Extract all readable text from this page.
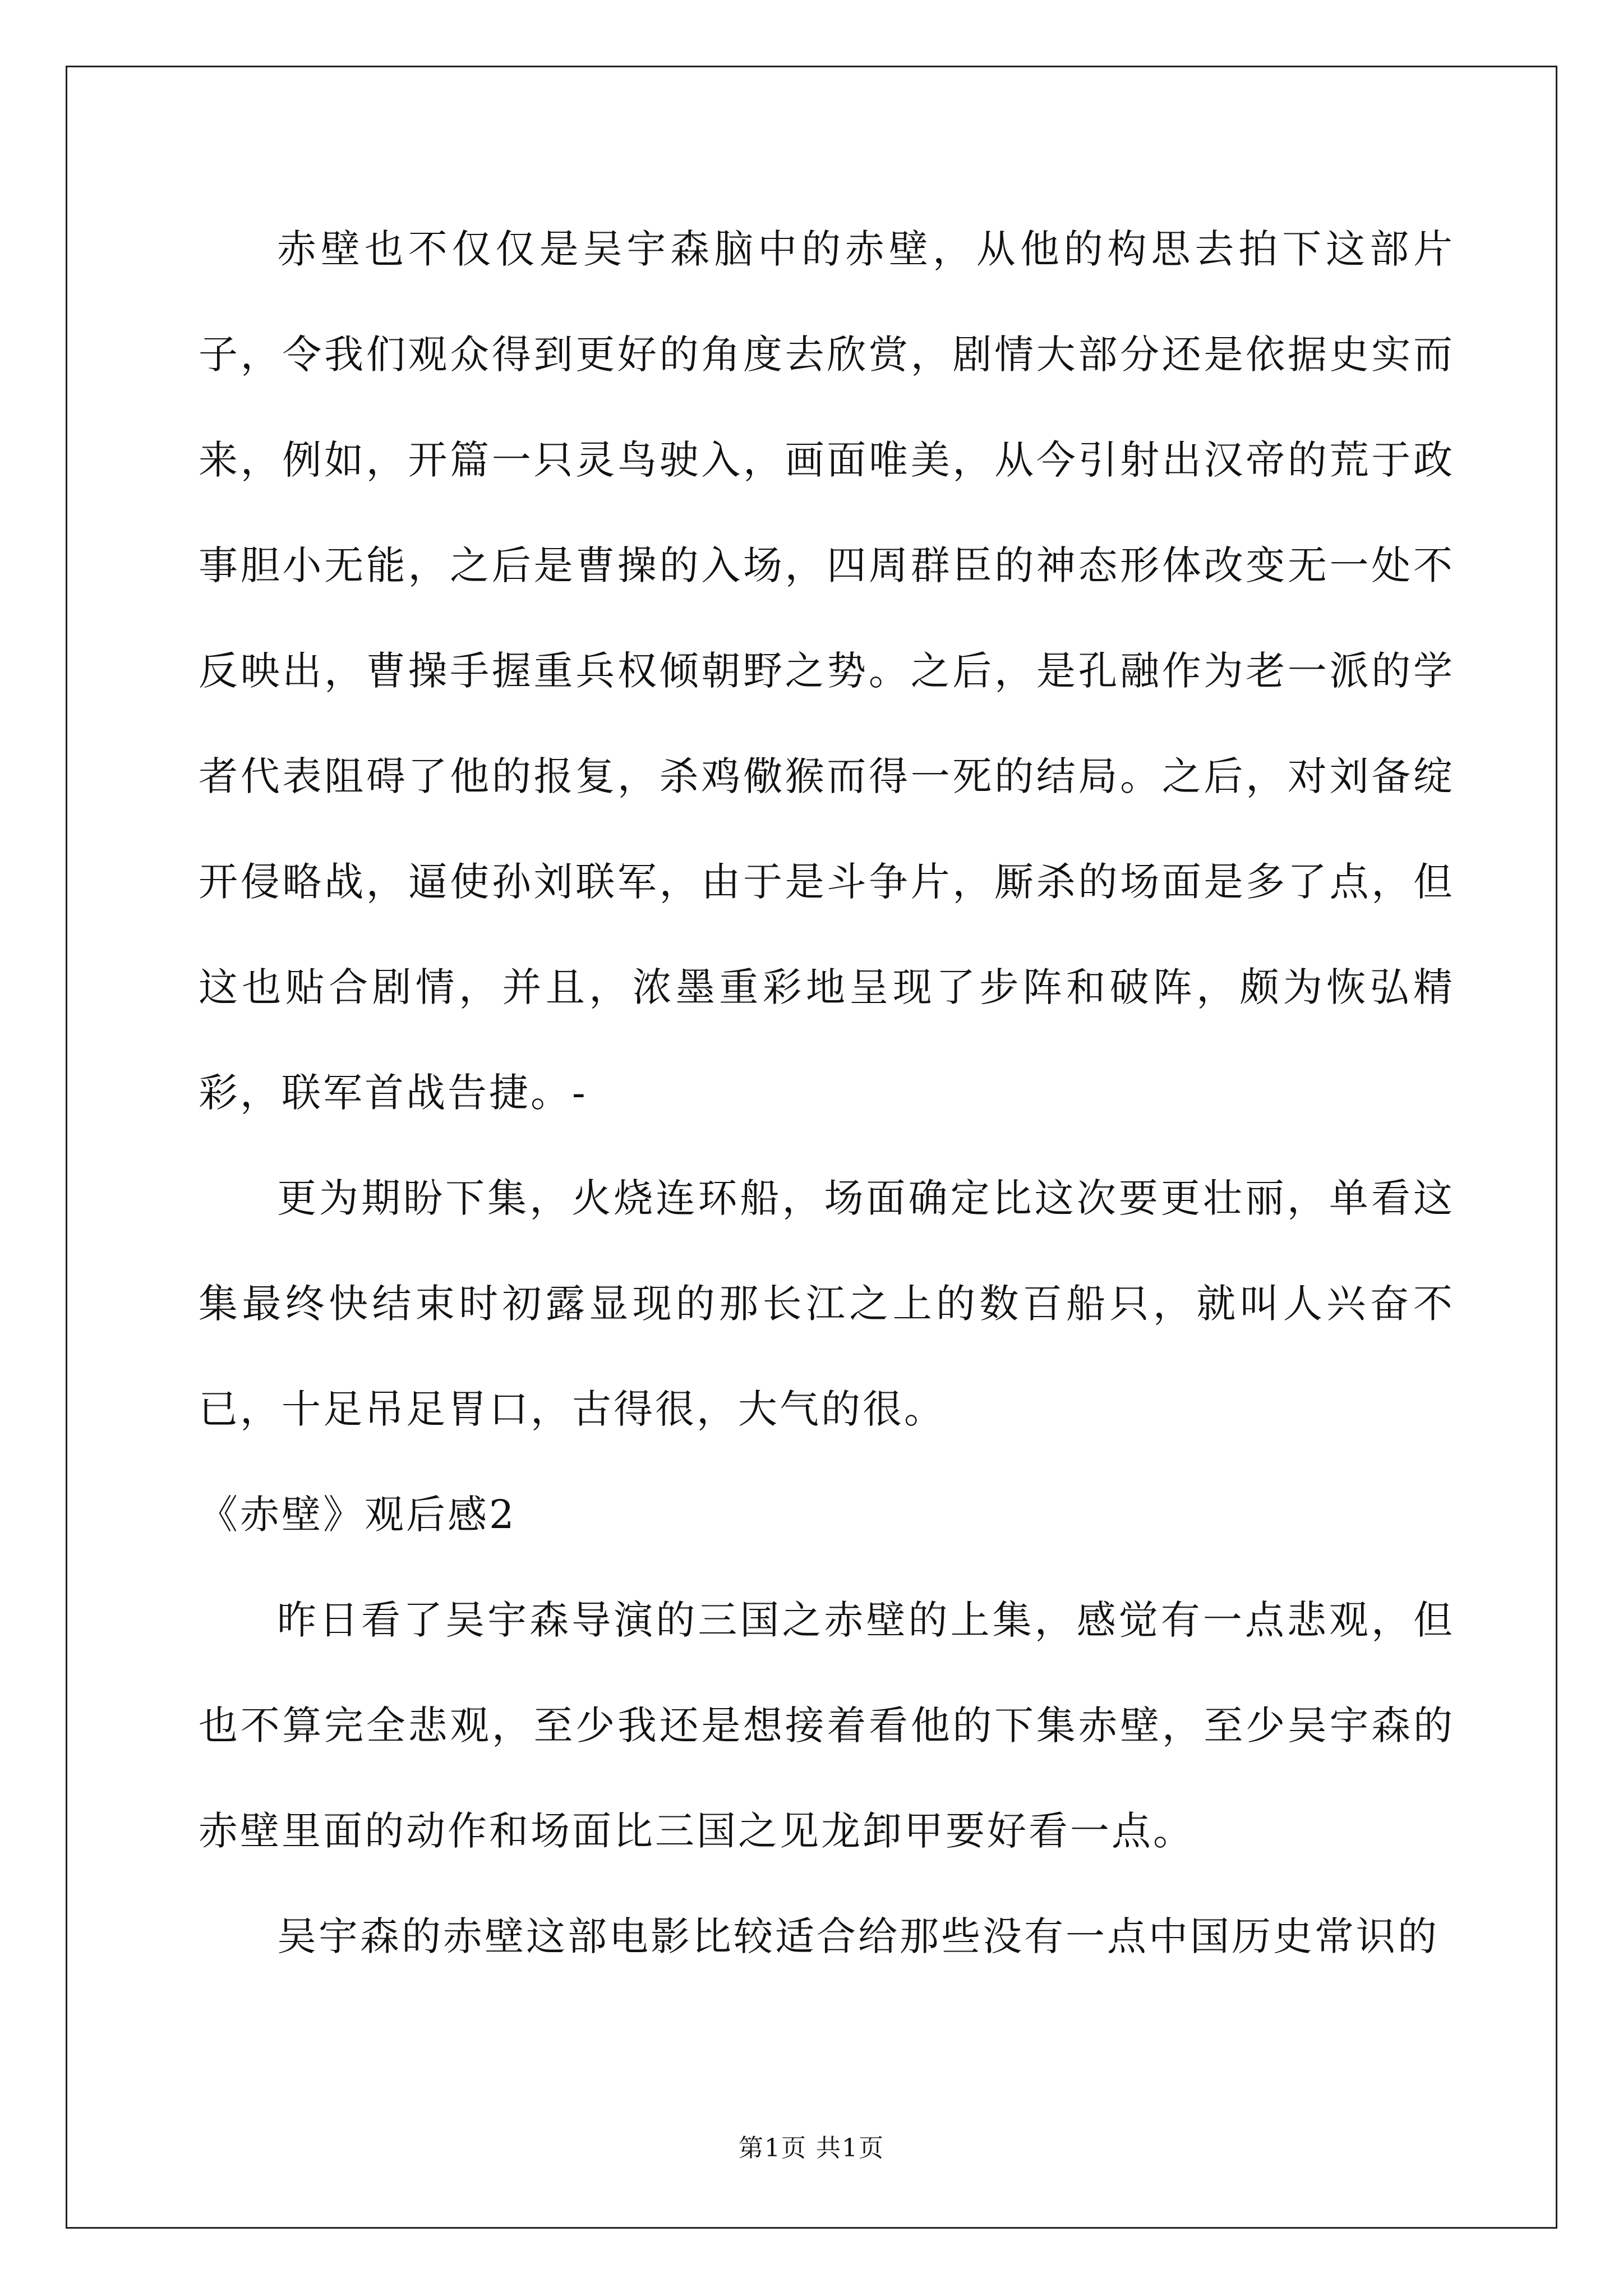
赤壁也不仅仅是吴宇森脑中的赤壁，从他的构思去拍下这部片子，令我们观众得到更好的角度去欣赏，剧情大部分还是依据史实而来，例如，开篇一只灵鸟驶入，画面唯美，从今引射出汉帝的荒于政事胆小无能，之后是曹操的入场，四周群臣的神态形体改变无一处不反映出，曹操手握重兵权倾朝野之势。之后，是孔融作为老一派的学者代表阻碍了他的报复，杀鸡儆猴而得一死的结局。之后，对刘备绽开侵略战，逼使孙刘联军，由于是斗争片，厮杀的场面是多了点，但这也贴合剧情，并且，浓墨重彩地呈现了步阵和破阵，颇为恢弘精彩，联军首战告捷。-

更为期盼下集，火烧连环船，场面确定比这次要更壮丽，单看这集最终快结束时初露显现的那长江之上的数百船只，就叫人兴奋不已，十足吊足胃口，古得很，大气的很。

《赤壁》观后感2

昨日看了吴宇森导演的三国之赤壁的上集，感觉有一点悲观，但也不算完全悲观，至少我还是想接着看他的下集赤壁，至少吴宇森的赤壁里面的动作和场面比三国之见龙卸甲要好看一点。

吴宇森的赤壁这部电影比较适合给那些没有一点中国历史常识的

第1页 共1页
